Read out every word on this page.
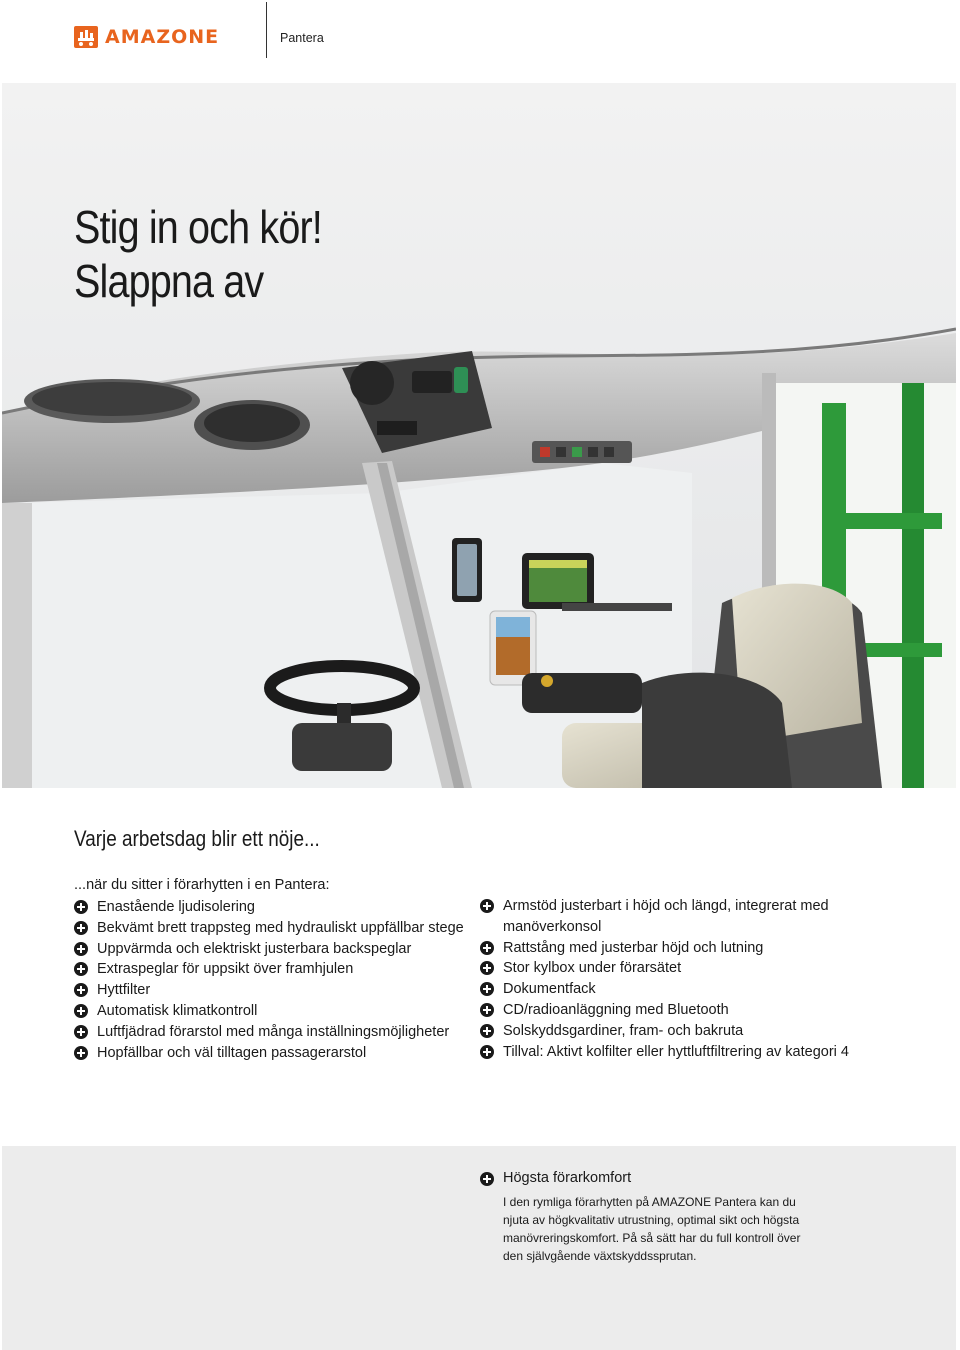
AMAZONE	Pantera
Stig in och kör!
Slappna av
Varje arbetsdag blir ett nöje...
...när du sitter i förarhytten i en Pantera:
Enastående ljudisolering
Bekvämt brett trappsteg med hydrauliskt uppfällbar stege
Uppvärmda och elektriskt justerbara backspeglar
Extraspeglar för uppsikt över framhjulen
Hyttfilter
Automatisk klimatkontroll
Luftfjädrad förarstol med många inställningsmöjligheter
Hopfällbar och väl tilltagen passagerarstol
Armstöd justerbart i höjd och längd, integrerat med manöverkonsol
Rattstång med justerbar höjd och lutning
Stor kylbox under förarsätet
Dokumentfack
CD/radioanläggning med Bluetooth
Solskyddsgardiner, fram- och bakruta
Tillval: Aktivt kolfilter eller hyttluftfiltrering av kategori 4
Högsta förarkomfort
I den rymliga förarhytten på AMAZONE Pantera kan du njuta av högkvalitativ utrustning, optimal sikt och högsta manövreringskomfort. På så sätt har du full kontroll över den självgående växtskyddssprutan.
